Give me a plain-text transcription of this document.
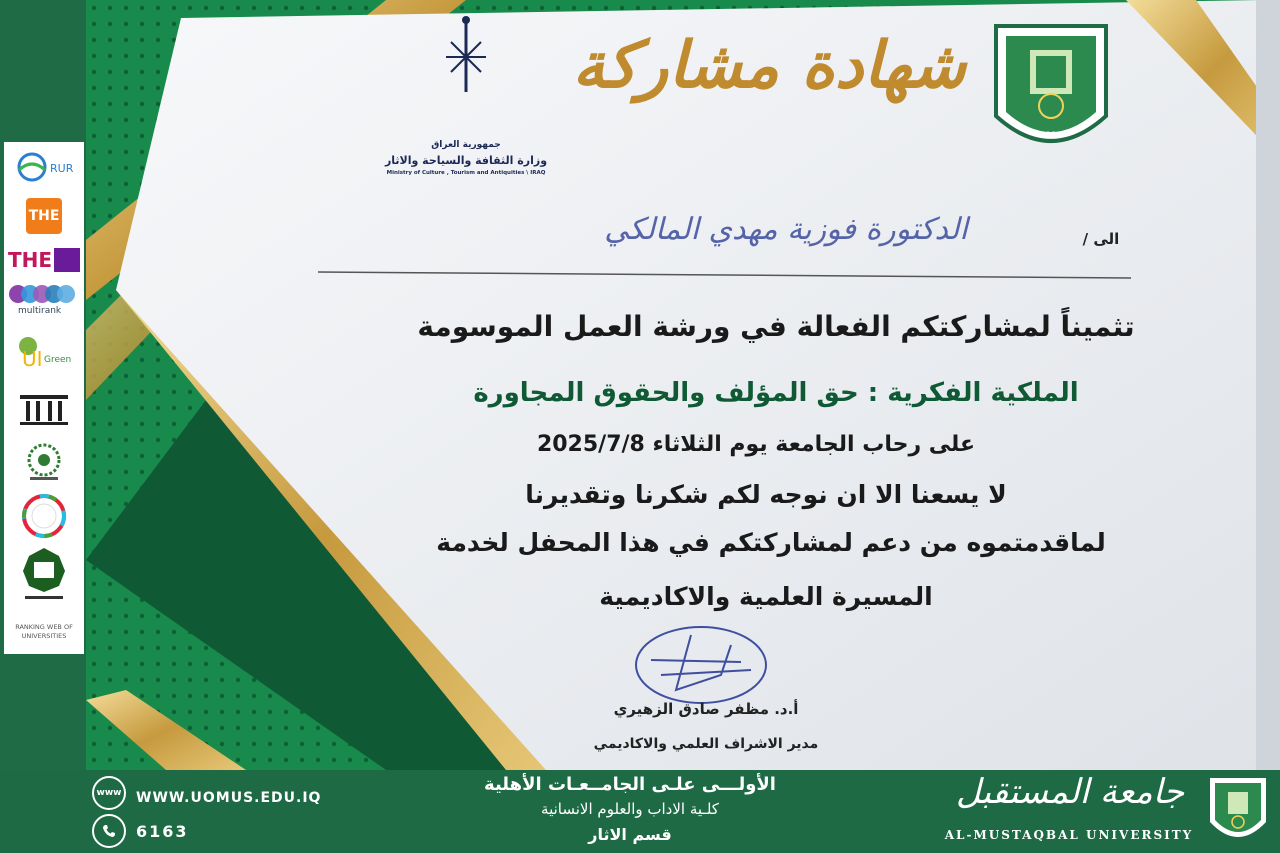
RUR
THE
THE
multirank
UI Green
RANKING WEB OF UNIVERSITIES
جمهورية العراق
وزارة الثقافة والسياحة والاثار
Ministry of Culture , Tourism and Antiquities \ IRAQ
شهادة مشاركة
2010
الى /
الدكتورة فوزية مهدي المالكي
تثميناً لمشاركتكم الفعالة في ورشة العمل الموسومة
الملكية الفكرية : حق المؤلف والحقوق المجاورة
على رحاب الجامعة يوم الثلاثاء 2025/7/8
لا يسعنا الا ان نوجه لكم شكرنا وتقديرنا
لماقدمتموه من دعم لمشاركتكم في هذا المحفل لخدمة
المسيرة العلمية والاكاديمية
أ.د. مظفر صادق الزهيري
مدير الاشراف العلمي والاكاديمي
www	WWW.UOMUS.EDU.IQ
6163
الأولـــى علـى الجامــعـات الأهلية
كلـية الاداب والعلوم الانسانية
قسم الاثار
جامعة المستقبل
AL-MUSTAQBAL UNIVERSITY
